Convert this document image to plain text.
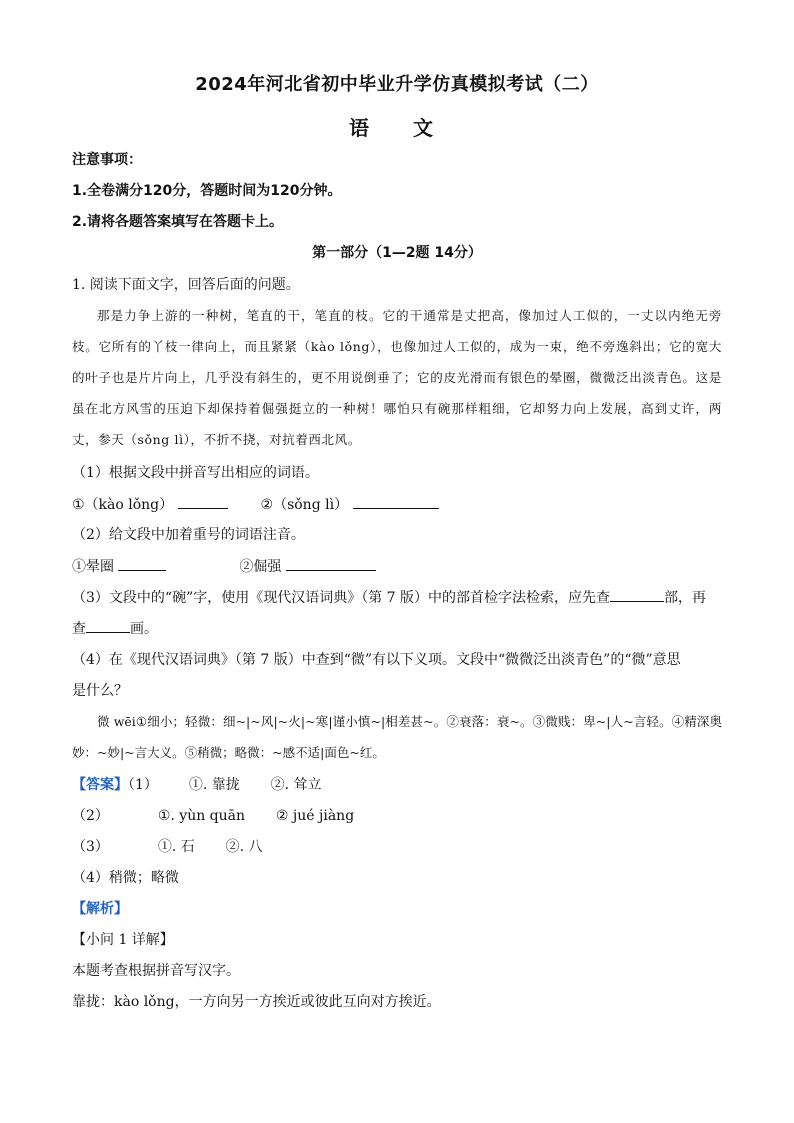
2024年河北省初中毕业升学仿真模拟考试（二）
语　文
注意事项：
1.全卷满分120分，答题时间为120分钟。
2.请将各题答案填写在答题卡上。
第一部分（1—2题 14分）
1. 阅读下面文字，回答后面的问题。

那是力争上游的一种树，笔直的干，笔直的枝。它的干通常是丈把高，像加过人工似的，一丈以内绝无旁枝。它所有的丫枝一律向上，而且紧紧（kào lǒng），也像加过人工似的，成为一束，绝不旁逸斜出；它的宽大的叶子也是片片向上，几乎没有斜生的，更不用说倒垂了；它的皮光滑而有银色的晕圈，微微泛出淡青色。这是虽在北方风雪的压迫下却保持着倔强挺立的一种树！哪怕只有碗那样粗细，它却努力向上发展，高到丈许，两丈，参天（sǒng lì），不折不挠，对抗着西北风。

（1）根据文段中拼音写出相应的词语。
①（kào lǒng）	②（sǒng lì）
（2）给文段中加着重号的词语注音。
①晕圈	②倔强
（3）文段中的“碗”字，使用《现代汉语词典》（第 7 版）中的部首检字法检索，应先查	部，再
查	画。
（4）在《现代汉语词典》（第 7 版）中查到“微”有以下义项。文段中“微微泛出淡青色”的“微”意思
是什么？

微 wēi①细小；轻微：细~|~风|~火|~寒|谨小慎~|相差甚~。②衰落：衰~。③微贱：卑~|人~言轻。④精深奥妙：~妙|~言大义。⑤稍微；略微：~感不适|面色~红。

【答案】（1） ①. 靠拢 ②. 耸立
（2）	①. yùn quān ② jué jiàng
（3）	①. 石 ②. 八
（4）稍微；略微
【解析】
【小问 1 详解】
本题考查根据拼音写汉字。
靠拢：kào lǒng，一方向另一方挨近或彼此互向对方挨近。
